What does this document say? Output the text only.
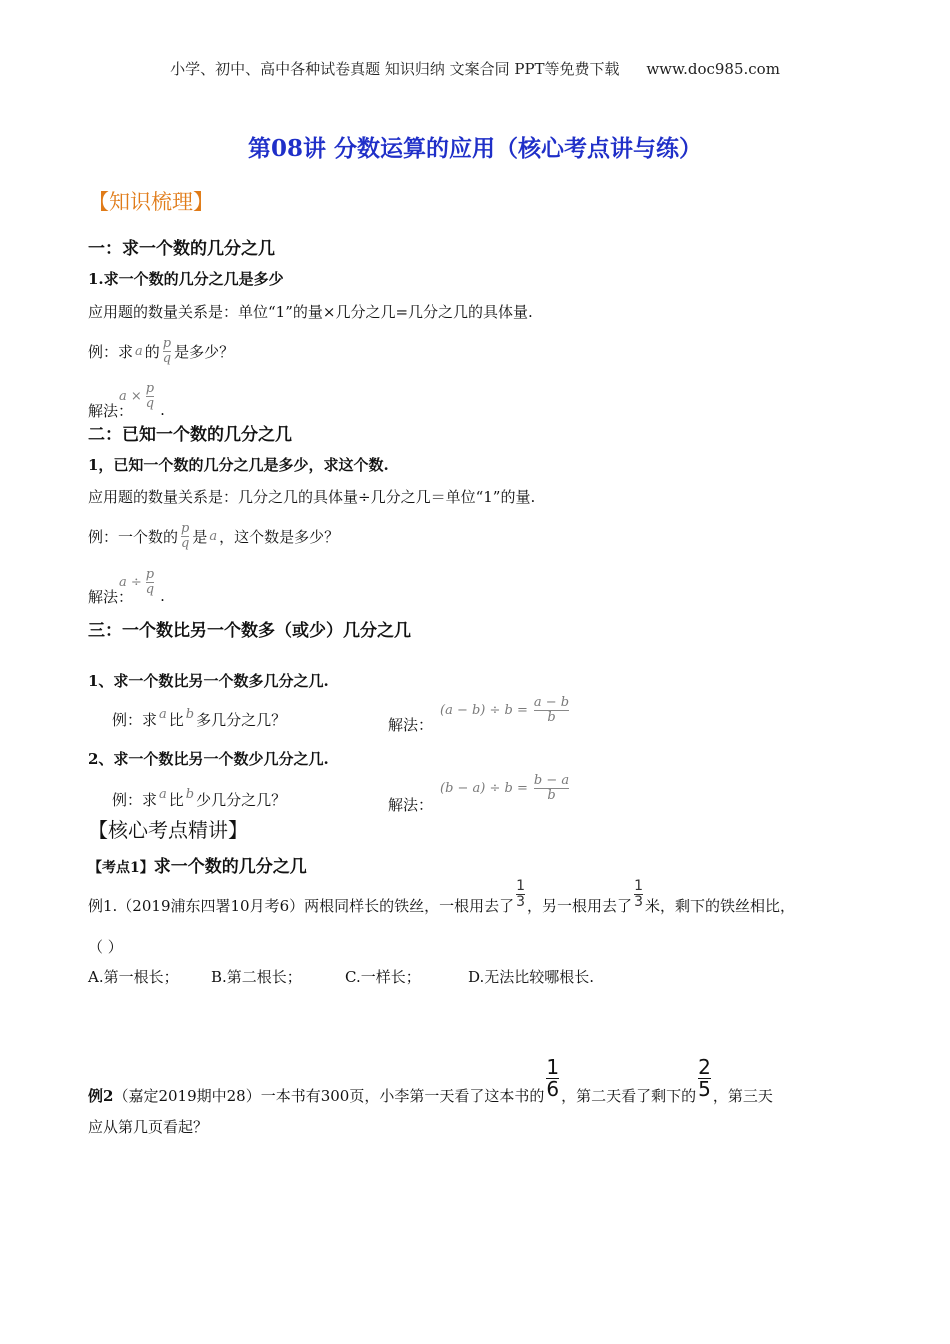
小学、初中、高中各种试卷真题 知识归纳 文案合同 PPT等免费下载 www.doc985.com
第08讲 分数运算的应用（核心考点讲与练）
【知识梳理】
一：求一个数的几分之几
1.求一个数的几分之几是多少
应用题的数量关系是：单位“1”的量×几分之几=几分之几的具体量.
例：求 a 的 $\frac{p}{q}$ 是多少？
解法：
$a \times \frac{p}{q}$ .
二：已知一个数的几分之几
1，已知一个数的几分之几是多少，求这个数.
应用题的数量关系是：几分之几的具体量÷几分之几＝单位“1”的量.
例：一个数的 $\frac{p}{q}$ 是 a ，这个数是多少？
解法：
$a \div \frac{p}{q}$ .
三：一个数比另一个数多（或少）几分之几
1、求一个数比另一个数多几分之几.
例：求 a 比 b 多几分之几？	解法：
$(a - b) \div b = \frac{a - b}{b}$
2、求一个数比另一个数少几分之几.
例：求 a 比 b 少几分之几？	解法：
$(b - a) \div b = \frac{b - a}{b}$
【核心考点精讲】
【考点1】 求一个数的几分之几
例1.（2019浦东四署10月考6）两根同样长的铁丝，一根用去了 $\frac{1}{3}$ ，另一根用去了 $\frac{1}{3}$ 米，剩下的铁丝相比，
（ ）
A.第一根长； B.第二根长；	C.一样长；	D.无法比较哪根长.
例2 （嘉定2019期中28）一本书有300页，小李第一天看了这本书的 $\frac{1}{6}$ ，第二天看了剩下的 $\frac{2}{5}$ ，第三天
应从第几页看起？
